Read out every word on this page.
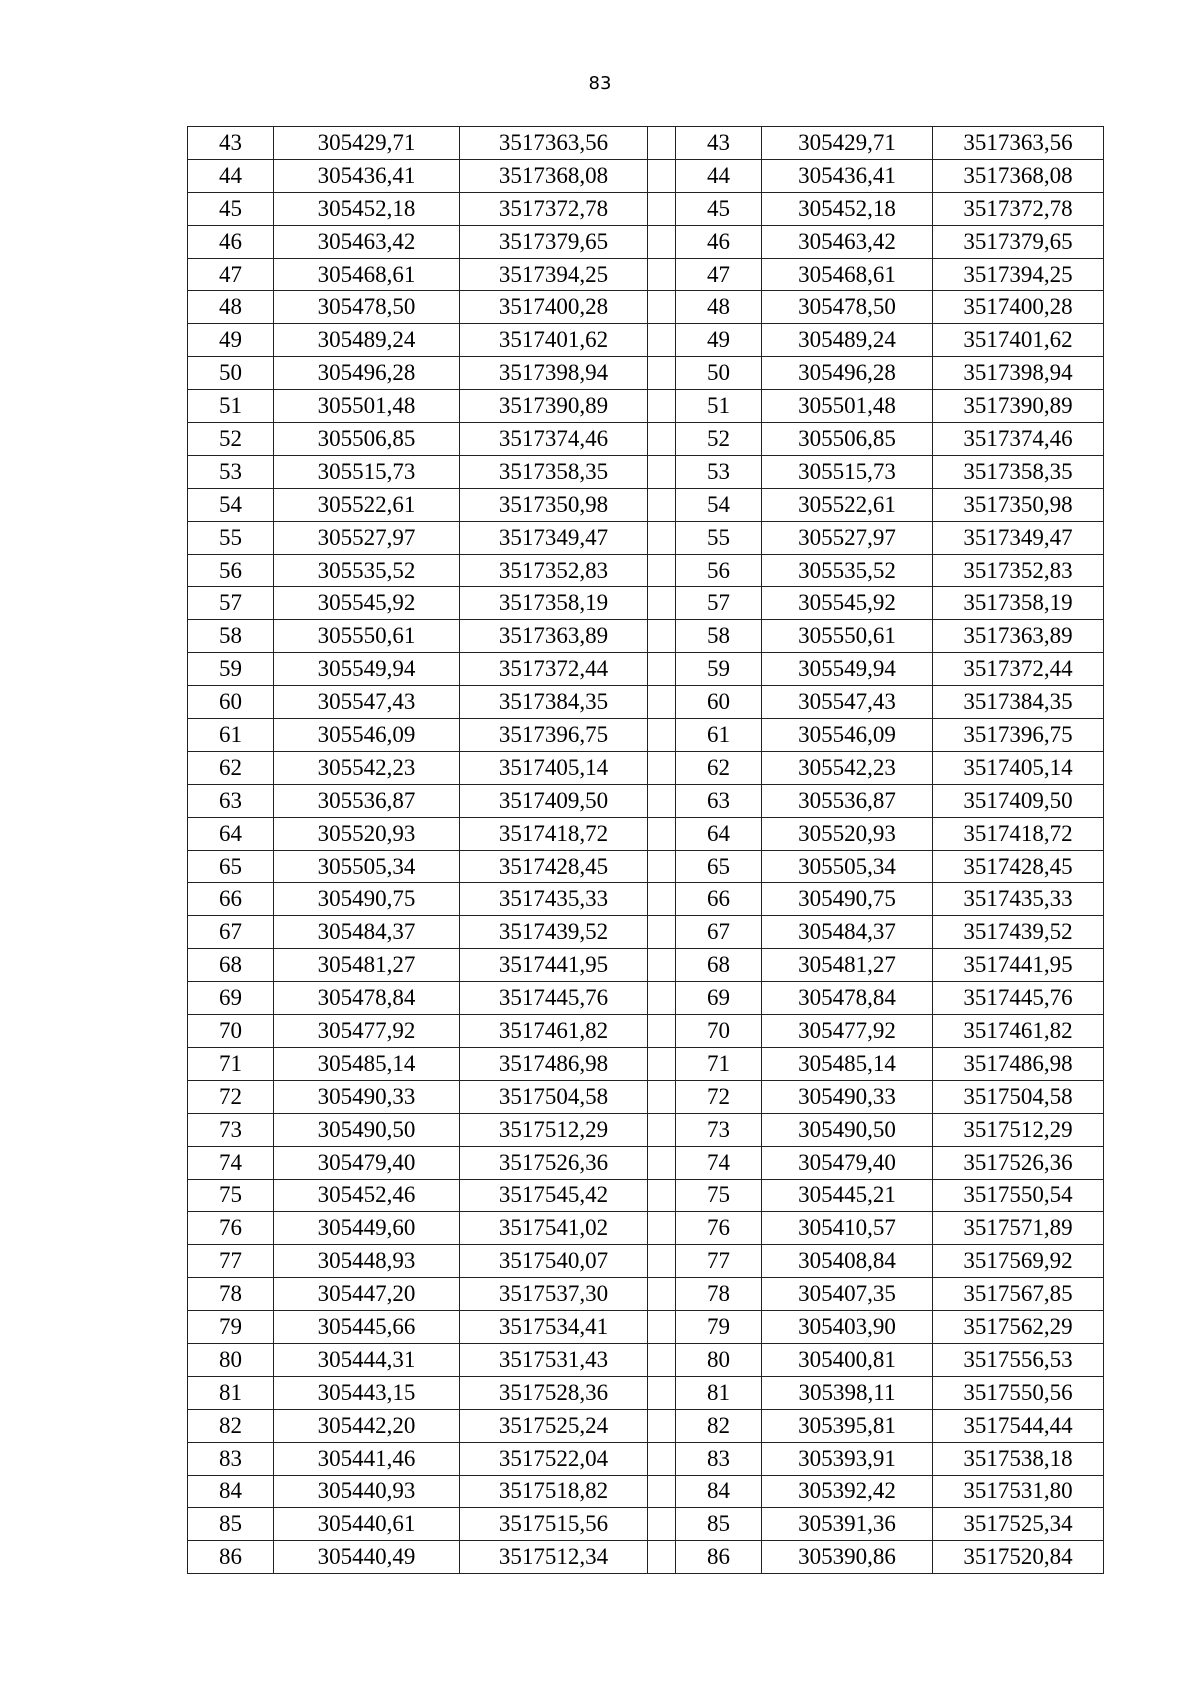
83
43	305429,71	3517363,56		43	305429,71	3517363,56
44	305436,41	3517368,08		44	305436,41	3517368,08
45	305452,18	3517372,78		45	305452,18	3517372,78
46	305463,42	3517379,65		46	305463,42	3517379,65
47	305468,61	3517394,25		47	305468,61	3517394,25
48	305478,50	3517400,28		48	305478,50	3517400,28
49	305489,24	3517401,62		49	305489,24	3517401,62
50	305496,28	3517398,94		50	305496,28	3517398,94
51	305501,48	3517390,89		51	305501,48	3517390,89
52	305506,85	3517374,46		52	305506,85	3517374,46
53	305515,73	3517358,35		53	305515,73	3517358,35
54	305522,61	3517350,98		54	305522,61	3517350,98
55	305527,97	3517349,47		55	305527,97	3517349,47
56	305535,52	3517352,83		56	305535,52	3517352,83
57	305545,92	3517358,19		57	305545,92	3517358,19
58	305550,61	3517363,89		58	305550,61	3517363,89
59	305549,94	3517372,44		59	305549,94	3517372,44
60	305547,43	3517384,35		60	305547,43	3517384,35
61	305546,09	3517396,75		61	305546,09	3517396,75
62	305542,23	3517405,14		62	305542,23	3517405,14
63	305536,87	3517409,50		63	305536,87	3517409,50
64	305520,93	3517418,72		64	305520,93	3517418,72
65	305505,34	3517428,45		65	305505,34	3517428,45
66	305490,75	3517435,33		66	305490,75	3517435,33
67	305484,37	3517439,52		67	305484,37	3517439,52
68	305481,27	3517441,95		68	305481,27	3517441,95
69	305478,84	3517445,76		69	305478,84	3517445,76
70	305477,92	3517461,82		70	305477,92	3517461,82
71	305485,14	3517486,98		71	305485,14	3517486,98
72	305490,33	3517504,58		72	305490,33	3517504,58
73	305490,50	3517512,29		73	305490,50	3517512,29
74	305479,40	3517526,36		74	305479,40	3517526,36
75	305452,46	3517545,42		75	305445,21	3517550,54
76	305449,60	3517541,02		76	305410,57	3517571,89
77	305448,93	3517540,07		77	305408,84	3517569,92
78	305447,20	3517537,30		78	305407,35	3517567,85
79	305445,66	3517534,41		79	305403,90	3517562,29
80	305444,31	3517531,43		80	305400,81	3517556,53
81	305443,15	3517528,36		81	305398,11	3517550,56
82	305442,20	3517525,24		82	305395,81	3517544,44
83	305441,46	3517522,04		83	305393,91	3517538,18
84	305440,93	3517518,82		84	305392,42	3517531,80
85	305440,61	3517515,56		85	305391,36	3517525,34
86	305440,49	3517512,34		86	305390,86	3517520,84
